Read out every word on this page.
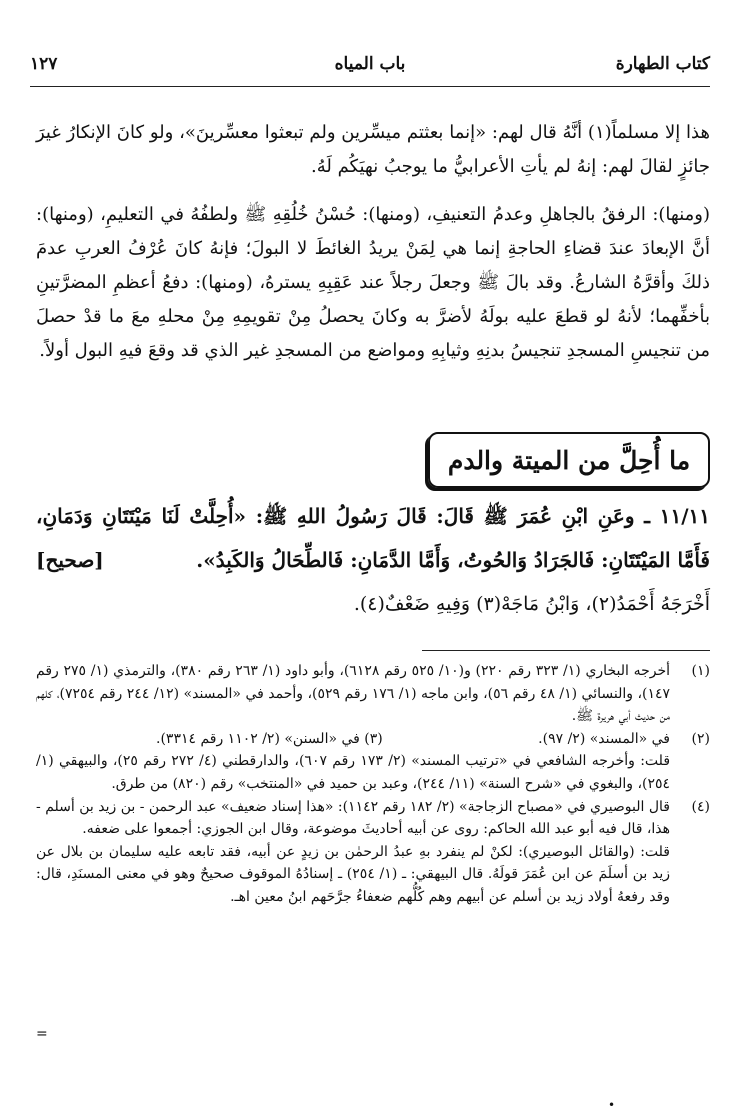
كتاب الطهارة
باب المياه
١٢٧
هذا إلا مسلماً(١) أنَّهُ قال لهم: «إنما بعثتم ميسِّرين ولم تبعثوا معسِّرينَ»، ولو كانَ الإنكارُ غيرَ جائزٍ لقالَ لهم: إنهُ لم يأتِ الأعرابيُّ ما يوجبُ نهيَكُم لَهُ.
(ومنها): الرفقُ بالجاهلِ وعدمُ التعنيفِ، (ومنها): حُسْنُ خُلُقِهِ ﷺ ولطفُهُ في التعليمِ، (ومنها): أنَّ الإبعادَ عندَ قضاءِ الحاجةِ إنما هي لِمَنْ يريدُ الغائطَ لا البولَ؛ فإنهُ كانَ عُرْفُ العربِ عدمَ ذلكَ وأقرَّهُ الشارعُ. وقد بالَ ﷺ وجعلَ رجلاً عند عَقِبِهِ يسترهُ، (ومنها): دفعُ أعظمِ المضرَّتينِ بأخفِّهما؛ لأنهُ لو قطعَ عليه بولَهُ لأضرَّ به وكانَ يحصلُ مِنْ تقويمِهِ مِنْ محلهِ معَ ما قدْ حصلَ من تنجيسِ المسجدِ تنجيسُ بدنِهِ وثيابِهِ ومواضع من المسجدِ غير الذي قد وقعَ فيهِ البول أولاً.
ما أُحِلَّ من الميتة والدم
١١/١١ ـ وعَنِ ابْنِ عُمَرَ ﷺ قَالَ: قَالَ رَسُولُ اللهِ ﷺ: «أُحِلَّتْ لَنَا مَيْتَتَانِ وَدَمَانِ، فَأَمَّا المَيْتَتَانِ: فَالجَرَادُ وَالحُوتُ، وَأَمَّا الدَّمَانِ: فَالطِّحَالُ وَالكَبِدُ».
[صحيح]
أَخْرَجَهُ أَحْمَدُ(٢)، وَابْنُ مَاجَهْ(٣) وَفِيهِ ضَعْفٌ(٤).
(١)
أخرجه البخاري (١/ ٣٢٣ رقم ٢٢٠) و(١٠/ ٥٢٥ رقم ٦١٢٨)، وأبو داود (١/ ٢٦٣ رقم ٣٨٠)، والترمذي (١/ ٢٧٥ رقم ١٤٧)، والنسائي (١/ ٤٨ رقم ٥٦)، وابن ماجه (١/ ١٧٦ رقم ٥٢٩)، وأحمد في «المسند» (١٢/ ٢٤٤ رقم ٧٢٥٤)، كلهم من حديث أبي هريرة ﷺ.
(٢)
في «المسند» (٢/ ٩٧).
(٣) في «السنن» (٢/ ١١٠٢ رقم ٣٣١٤).
قلت: وأخرجه الشافعي في «ترتيب المسند» (٢/ ١٧٣ رقم ٦٠٧)، والدارقطني (٤/ ٢٧٢ رقم ٢٥)، والبيهقي (١/ ٢٥٤)، والبغوي في «شرح السنة» (١١/ ٢٤٤)، وعبد بن حميد في «المنتخب» رقم (٨٢٠) من طرق.
(٤)
قال البوصيري في «مصباح الزجاجة» (٢/ ١٨٢ رقم ١١٤٢): «هذا إسناد ضعيف» عبد الرحمن - بن زيد بن أسلم - هذا، قال فيه أبو عبد الله الحاكم: روى عن أبيه أحاديثَ موضوعة، وقال ابن الجوزي: أجمعوا على ضعفه.
قلت: (والقائل البوصيري): لكنْ لم ينفرد بهِ عبدُ الرحمٰن بن زيدٍ عن أبيه، فقد تابعه عليه سليمان بن بلال عن زيد بن أسلَمَ عن ابن عُمَرَ قولَهُ. قال البيهقي: ـ (١/ ٢٥٤) ـ إسنادُهُ الموقوف صحيحٌ وهو في معنى المسنَدِ، قال: وقد رفعهُ أولاد زيد بن أسلم عن أبيهم وهم كُلُّهم ضعفاءُ جرَّحَهم ابنُ معين اهـ.
=
•
